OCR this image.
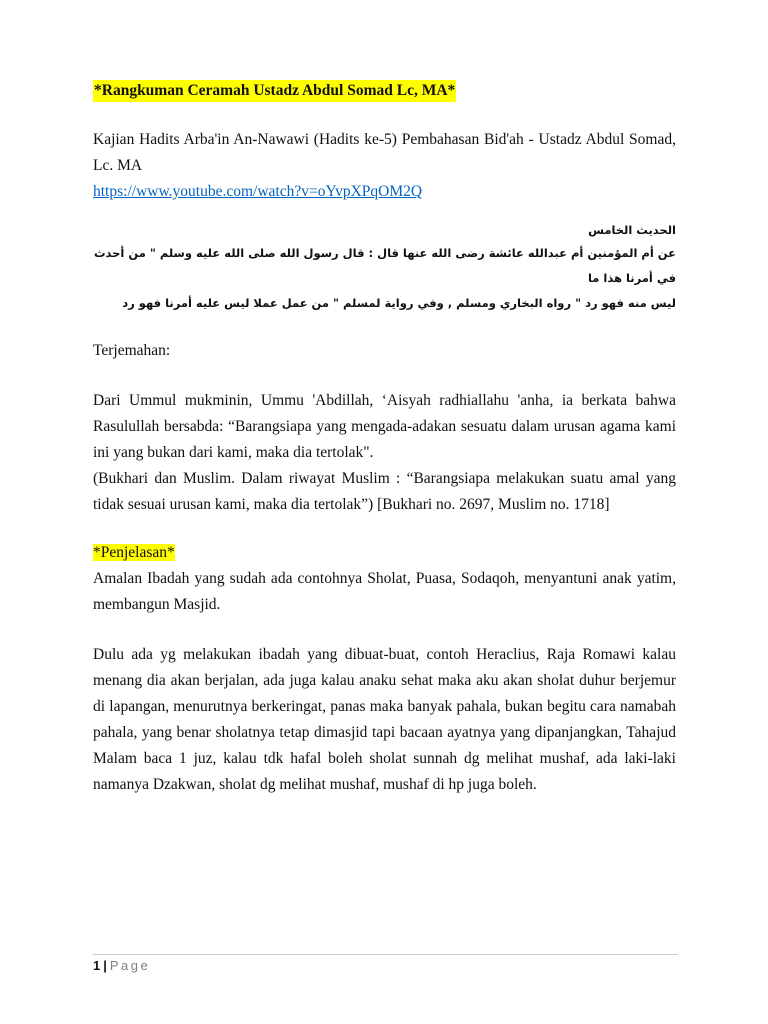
*Rangkuman Ceramah Ustadz Abdul Somad Lc, MA*

Kajian Hadits Arba'in An-Nawawi (Hadits ke-5) Pembahasan Bid'ah - Ustadz Abdul Somad, Lc. MA

https://www.youtube.com/watch?v=oYvpXPqOM2Q
الحديث الخامس
عن أم المؤمنين أم عبدالله عائشة رضى الله عنها قال : قال رسول الله صلى الله عليه وسلم " من أحدث في أمرنا هذا ما
ليس منه فهو رد " رواه البخاري ومسلم , وفي رواية لمسلم " من عمل عملا ليس عليه أمرنا فهو رد

Terjemahan:

Dari Ummul mukminin, Ummu 'Abdillah, ‘Aisyah radhiallahu 'anha, ia berkata bahwa Rasulullah bersabda: “Barangsiapa yang mengada-adakan sesuatu dalam urusan agama kami ini yang bukan dari kami, maka dia tertolak".

(Bukhari dan Muslim. Dalam riwayat Muslim : “Barangsiapa melakukan suatu amal yang tidak sesuai urusan kami, maka dia tertolak”) [Bukhari no. 2697, Muslim no. 1718]

*Penjelasan*

Amalan Ibadah yang sudah ada contohnya Sholat, Puasa, Sodaqoh, menyantuni anak yatim, membangun Masjid.

Dulu ada yg melakukan ibadah yang dibuat-buat, contoh Heraclius, Raja Romawi kalau menang dia akan berjalan, ada juga kalau anaku sehat maka aku akan sholat duhur berjemur di lapangan, menurutnya berkeringat, panas maka banyak pahala, bukan begitu cara namabah pahala, yang benar sholatnya tetap dimasjid tapi bacaan ayatnya yang dipanjangkan, Tahajud Malam baca 1 juz, kalau tdk hafal boleh sholat sunnah dg melihat mushaf, ada laki-laki namanya Dzakwan, sholat dg melihat mushaf, mushaf di hp juga boleh.

1 | Page
